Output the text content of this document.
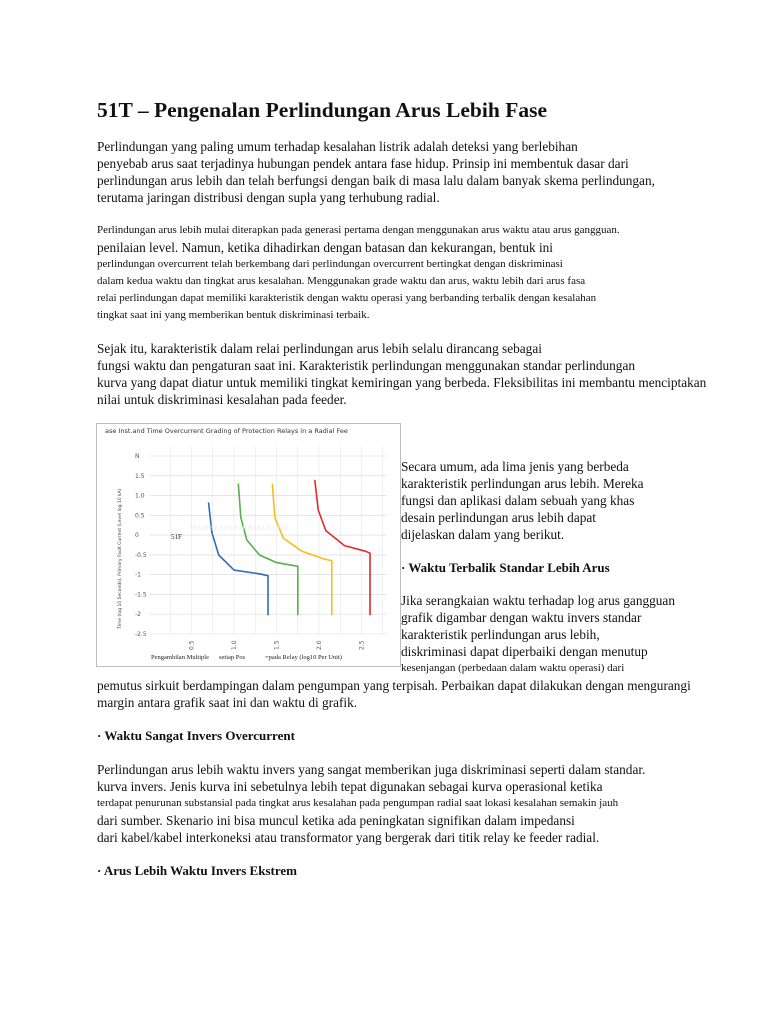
51T – Pengenalan Perlindungan Arus Lebih Fase
Perlindungan yang paling umum terhadap kesalahan listrik adalah deteksi yang berlebihan
penyebab arus saat terjadinya hubungan pendek antara fase hidup. Prinsip ini membentuk dasar dari
perlindungan arus lebih dan telah berfungsi dengan baik di masa lalu dalam banyak skema perlindungan,
terutama jaringan distribusi dengan supla yang terhubung radial.
Perlindungan arus lebih mulai diterapkan pada generasi pertama dengan menggunakan arus waktu atau arus gangguan.
penilaian level. Namun, ketika dihadirkan dengan batasan dan kekurangan, bentuk ini
perlindungan overcurrent telah berkembang dari perlindungan overcurrent bertingkat dengan diskriminasi
dalam kedua waktu dan tingkat arus kesalahan. Menggunakan grade waktu dan arus, waktu lebih dari arus fasa
relai perlindungan dapat memiliki karakteristik dengan waktu operasi yang berbanding terbalik dengan kesalahan
tingkat saat ini yang memberikan bentuk diskriminasi terbaik.
Sejak itu, karakteristik dalam relai perlindungan arus lebih selalu dirancang sebagai
fungsi waktu dan pengaturan saat ini. Karakteristik perlindungan menggunakan standar perlindungan
kurva yang dapat diatur untuk memiliki tingkat kemiringan yang berbeda. Fleksibilitas ini membantu menciptakan
nilai untuk diskriminasi kesalahan pada feeder.
ase Inst.and Time Overcurrent Grading of Protection Relays in a Radial Fee
N
1.5
1.0
0.5
0
-0.5
-1
-1.5
-2
-2.5
0.5	1.0	1.5	2.0	2.5
Time (log 10 Seconds), Primary Fault Current (Level log 10 kA)	51F
TE51P32 51S 51P 6A51 51P4T
Pengambilan Multiple setiap Pos	=pada Relay (log10 Per Unit)
Secara umum, ada lima jenis yang berbeda
karakteristik perlindungan arus lebih. Mereka
fungsi dan aplikasi dalam sebuah yang khas
desain perlindungan arus lebih dapat
dijelaskan dalam yang berikut.
· Waktu Terbalik Standar Lebih Arus
Jika serangkaian waktu terhadap log arus gangguan
grafik digambar dengan waktu invers standar
karakteristik perlindungan arus lebih,
diskriminasi dapat diperbaiki dengan menutup
kesenjangan (perbedaan dalam waktu operasi) dari
pemutus sirkuit berdampingan dalam pengumpan yang terpisah. Perbaikan dapat dilakukan dengan mengurangi
margin antara grafik saat ini dan waktu di grafik.
· Waktu Sangat Invers Overcurrent
Perlindungan arus lebih waktu invers yang sangat memberikan juga diskriminasi seperti dalam standar.
kurva invers. Jenis kurva ini sebetulnya lebih tepat digunakan sebagai kurva operasional ketika
terdapat penurunan substansial pada tingkat arus kesalahan pada pengumpan radial saat lokasi kesalahan semakin jauh
dari sumber. Skenario ini bisa muncul ketika ada peningkatan signifikan dalam impedansi
dari kabel/kabel interkoneksi atau transformator yang bergerak dari titik relay ke feeder radial.
· Arus Lebih Waktu Invers Ekstrem
